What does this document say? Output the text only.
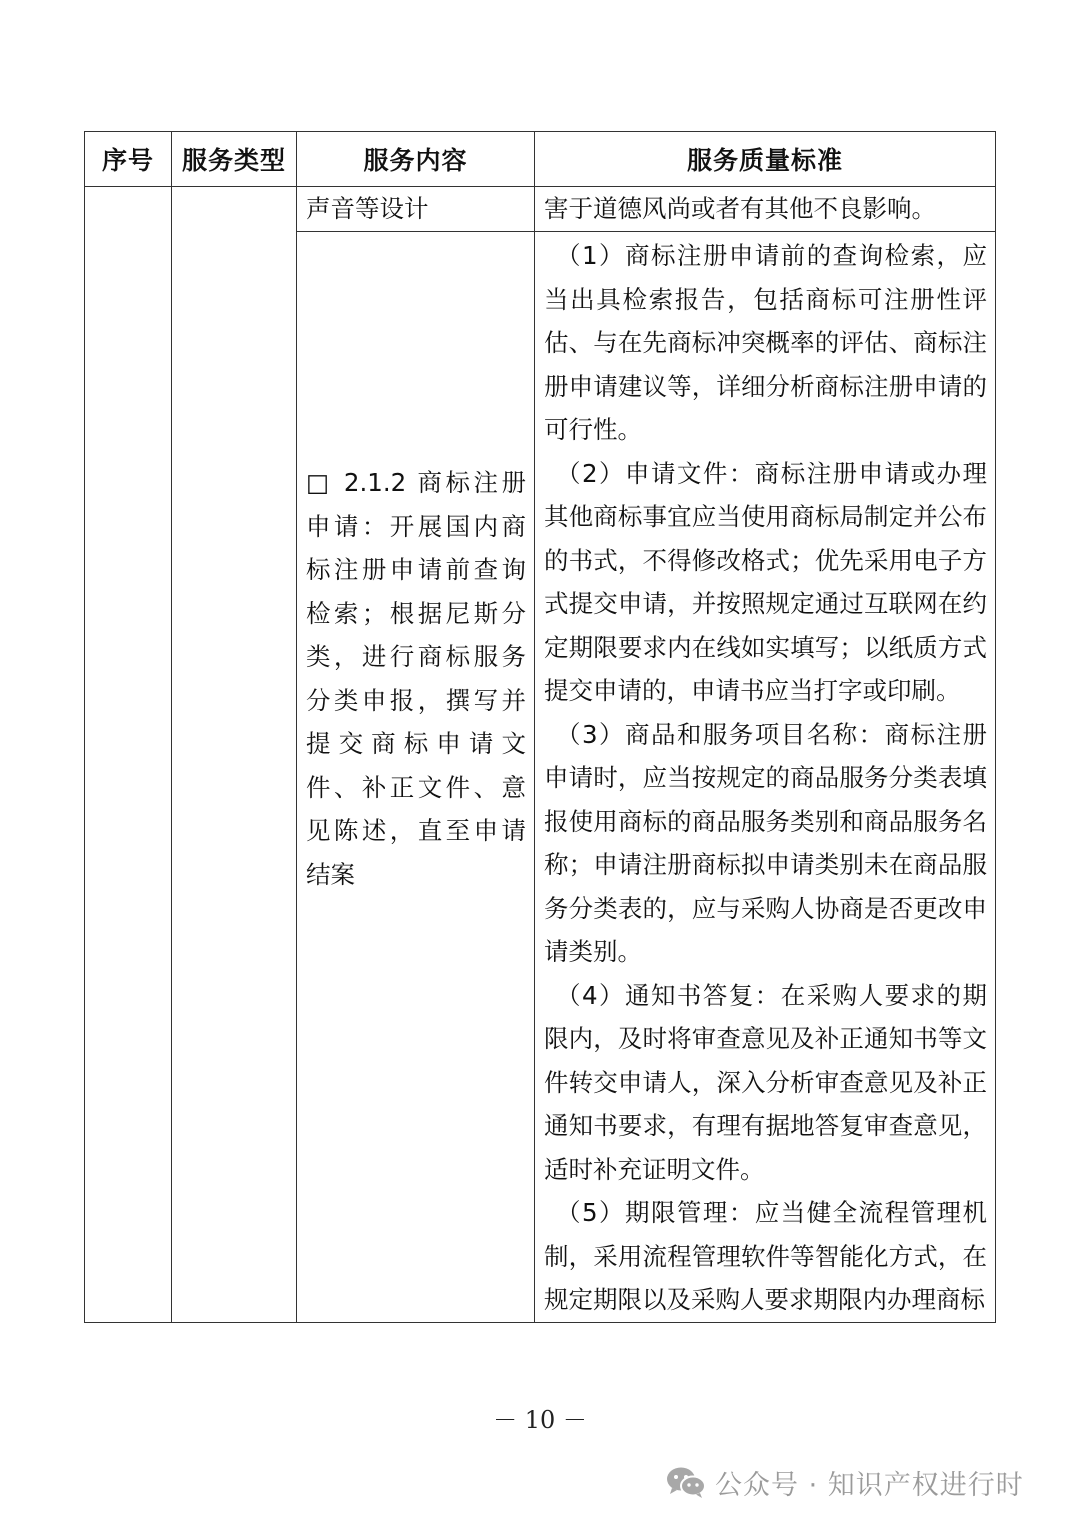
序号	服务类型	服务内容	服务质量标准

		声音等设计	害于道德风尚或者有其他不良影响。

		□ 2.1.2 商标注册申请：开展国内商标注册申请前查询检索；根据尼斯分类，进行商标服务分类申报，撰写并提交商标申请文件、补正文件、意见陈述，直至申请结案	（1）商标注册申请前的查询检索，应当出具检索报告，包括商标可注册性评估、与在先商标冲突概率的评估、商标注册申请建议等，详细分析商标注册申请的可行性。
（2）申请文件：商标注册申请或办理其他商标事宜应当使用商标局制定并公布的书式，不得修改格式；优先采用电子方式提交申请，并按照规定通过互联网在约定期限要求内在线如实填写；以纸质方式提交申请的，申请书应当打字或印刷。
（3）商品和服务项目名称：商标注册申请时，应当按规定的商品服务分类表填报使用商标的商品服务类别和商品服务名称；申请注册商标拟申请类别未在商品服务分类表的，应与采购人协商是否更改申请类别。
（4）通知书答复：在采购人要求的期限内，及时将审查意见及补正通知书等文件转交申请人，深入分析审查意见及补正通知书要求，有理有据地答复审查意见，适时补充证明文件。
（5）期限管理：应当健全流程管理机制，采用流程管理软件等智能化方式，在规定期限以及采购人要求期限内办理商标
－ 10 －
公众号 · 知识产权进行时
